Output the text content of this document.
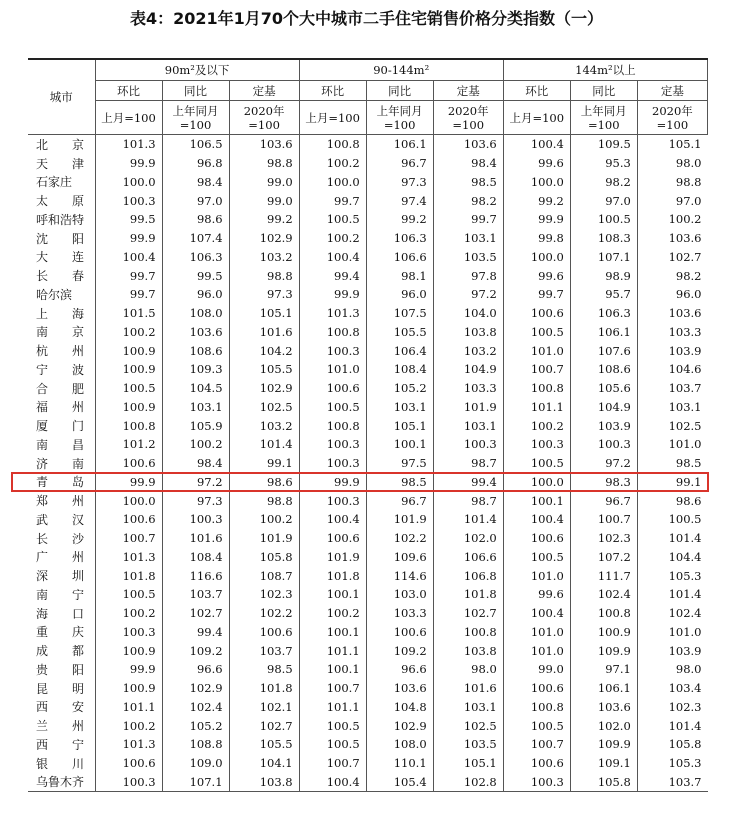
表4：2021年1月70个大中城市二手住宅销售价格分类指数（一）
城市	90m²及以下			90-144m²			144m²以上		
	环比	同比	定基	环比	同比	定基	环比	同比	定基
	上月=100	上年同月=100	2020年=100	上月=100	上年同月=100	2020年=100	上月=100	上年同月=100	2020年=100
北　　京	101.3	106.5	103.6	100.8	106.1	103.6	100.4	109.5	105.1
天　　津	99.9	96.8	98.8	100.2	96.7	98.4	99.6	95.3	98.0
石家庄	100.0	98.4	99.0	100.0	97.3	98.5	100.0	98.2	98.8
太　　原	100.3	97.0	99.0	99.7	97.4	98.2	99.2	97.0	97.0
呼和浩特	99.5	98.6	99.2	100.5	99.2	99.7	99.9	100.5	100.2
沈　　阳	99.9	107.4	102.9	100.2	106.3	103.1	99.8	108.3	103.6
大　　连	100.4	106.3	103.2	100.4	106.6	103.5	100.0	107.1	102.7
长　　春	99.7	99.5	98.8	99.4	98.1	97.8	99.6	98.9	98.2
哈尔滨	99.7	96.0	97.3	99.9	96.0	97.2	99.7	95.7	96.0
上　　海	101.5	108.0	105.1	101.3	107.5	104.0	100.6	106.3	103.6
南　　京	100.2	103.6	101.6	100.8	105.5	103.8	100.5	106.1	103.3
杭　　州	100.9	108.6	104.2	100.3	106.4	103.2	101.0	107.6	103.9
宁　　波	100.9	109.3	105.5	101.0	108.4	104.9	100.7	108.6	104.6
合　　肥	100.5	104.5	102.9	100.6	105.2	103.3	100.8	105.6	103.7
福　　州	100.9	103.1	102.5	100.5	103.1	101.9	101.1	104.9	103.1
厦　　门	100.8	105.9	103.2	100.8	105.1	103.1	100.2	103.9	102.5
南　　昌	101.2	100.2	101.4	100.3	100.1	100.3	100.3	100.3	101.0
济　　南	100.6	98.4	99.1	100.3	97.5	98.7	100.5	97.2	98.5
青　　岛	99.9	97.2	98.6	99.9	98.5	99.4	100.0	98.3	99.1
郑　　州	100.0	97.3	98.8	100.3	96.7	98.7	100.1	96.7	98.6
武　　汉	100.6	100.3	100.2	100.4	101.9	101.4	100.4	100.7	100.5
长　　沙	100.7	101.6	101.9	100.6	102.2	102.0	100.6	102.3	101.4
广　　州	101.3	108.4	105.8	101.9	109.6	106.6	100.5	107.2	104.4
深　　圳	101.8	116.6	108.7	101.8	114.6	106.8	101.0	111.7	105.3
南　　宁	100.5	103.7	102.3	100.1	103.0	101.8	99.6	102.4	101.4
海　　口	100.2	102.7	102.2	100.2	103.3	102.7	100.4	100.8	102.4
重　　庆	100.3	99.4	100.6	100.1	100.6	100.8	101.0	100.9	101.0
成　　都	100.9	109.2	103.7	101.1	109.2	103.8	101.0	109.9	103.9
贵　　阳	99.9	96.6	98.5	100.1	96.6	98.0	99.0	97.1	98.0
昆　　明	100.9	102.9	101.8	100.7	103.6	101.6	100.6	106.1	103.4
西　　安	101.1	102.4	102.1	101.1	104.8	103.1	100.8	103.6	102.3
兰　　州	100.2	105.2	102.7	100.5	102.9	102.5	100.5	102.0	101.4
西　　宁	101.3	108.8	105.5	100.5	108.0	103.5	100.7	109.9	105.8
银　　川	100.6	109.0	104.1	100.7	110.1	105.1	100.6	109.1	105.3
乌鲁木齐	100.3	107.1	103.8	100.4	105.4	102.8	100.3	105.8	103.7
